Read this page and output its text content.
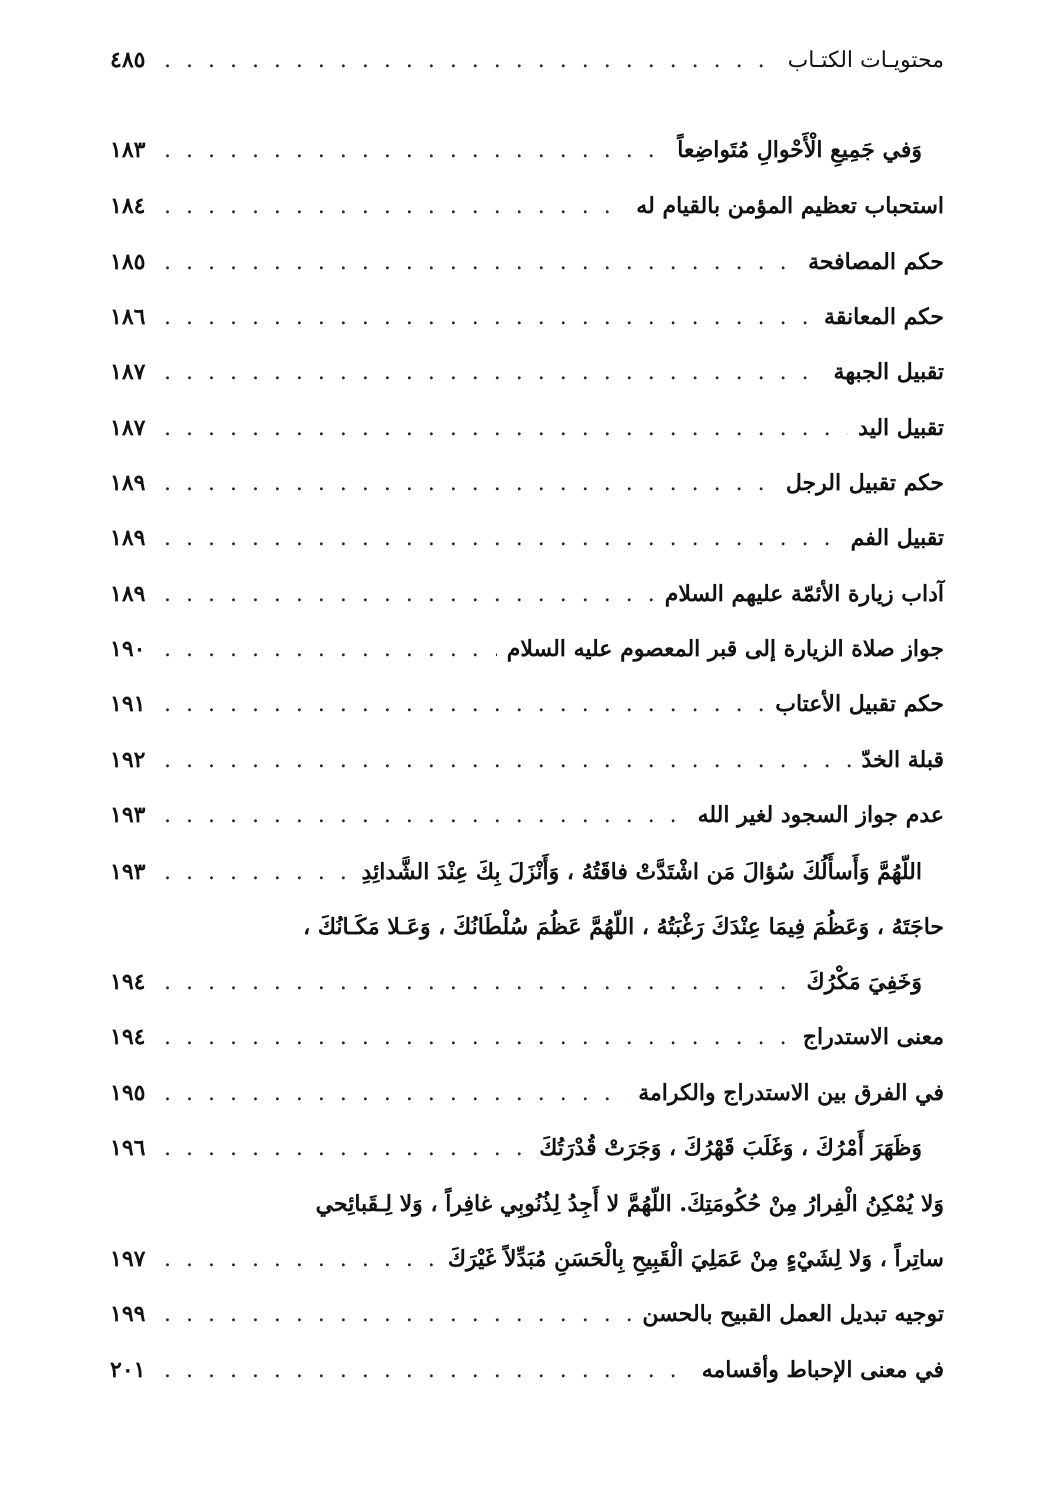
محتويـات الكتـاب
. . .
٤٨٥
وَفي جَمِيعِ الْأَحْوالِ مُتَواضِعاً
. . .
١٨٣
استحباب تعظيم المؤمن بالقيام له
. . .
١٨٤
حكم المصافحة
. . .
١٨٥
حكم المعانقة
. . .
١٨٦
تقبيل الجبهة
. . .
١٨٧
تقبيل اليد
. . .
١٨٧
حكم تقبيل الرجل
. . .
١٨٩
تقبيل الفم
. . .
١٨٩
آداب زيارة الأئمّة عليهم السلام
. . .
١٨٩
جواز صلاة الزيارة إلى قبر المعصوم عليه السلام
. . .
١٩٠
حكم تقبيل الأعتاب
. . .
١٩١
قبلة الخدّ
. . .
١٩٢
عدم جواز السجود لغير الله
. . .
١٩٣
اللّهُمَّ وَأَسأَلُكَ سُؤالَ مَن اشْتَدَّتْ فاقَتُهُ ، وَأَنْزَلَ بِكَ عِنْدَ الشَّدائِدِ
. . .
١٩٣
حاجَتَهُ ، وَعَظُمَ فِيمَا عِنْدَكَ رَغْبَتُهُ ، اللّهُمَّ عَظُمَ سُلْطَانُكَ ، وَعَـلا مَكَـانُكَ ،
وَخَفِيَ مَكْرُكَ
. . .
١٩٤
معنى الاستدراج
. . .
١٩٤
في الفرق بين الاستدراج والكرامة
. . .
١٩٥
وَظَهَرَ أَمْرُكَ ، وَغَلَبَ قَهْرُكَ ، وَجَرَتْ قُدْرَتُكَ
. . .
١٩٦
وَلا يُمْكِنُ الْفِرارُ مِنْ حُكُومَتِكَ. اللّهُمَّ لا أَجِدُ لِذُنُوبِي غافِراً ، وَلا لِـقَبائِحي
ساتِراً ، وَلا لِشَيْءٍ مِنْ عَمَلِيَ الْقَبِيحِ بِالْحَسَنِ مُبَدِّلاً غَيْرَكَ
. . .
١٩٧
توجيه تبديل العمل القبيح بالحسن
. . .
١٩٩
في معنى الإحباط وأقسامه
. . .
٢٠١
